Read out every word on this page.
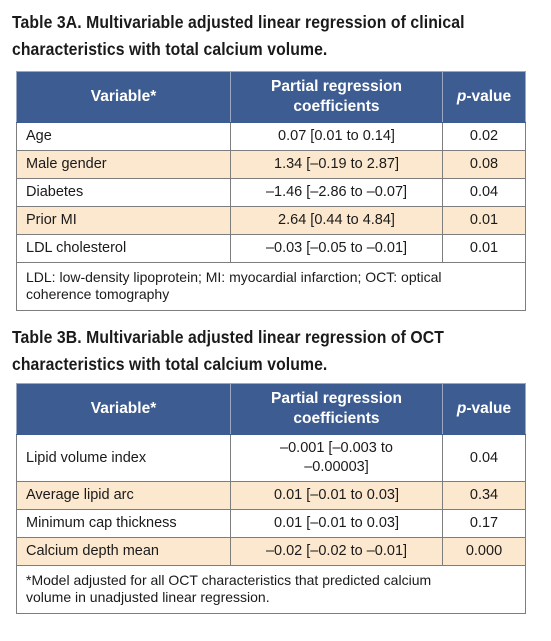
Table 3A. Multivariable adjusted linear regression of clinical
characteristics with total calcium volume.
Variable*	Partial regression
coefficients	p-value
Age	0.07 [0.01 to 0.14]	0.02
Male gender	1.34 [–0.19 to 2.87]	0.08
Diabetes	–1.46 [–2.86 to –0.07]	0.04
Prior MI	2.64 [0.44 to 4.84]	0.01
LDL cholesterol	–0.03 [–0.05 to –0.01]	0.01

LDL: low-density lipoprotein; MI: myocardial infarction; OCT: optical
coherence tomography		
Table 3B. Multivariable adjusted linear regression of OCT
characteristics with total calcium volume.
Variable*	Partial regression
coefficients	p-value
Lipid volume index	–0.001 [–0.003 to
–0.00003]	0.04
Average lipid arc	0.01 [–0.01 to 0.03]	0.34
Minimum cap thickness	0.01 [–0.01 to 0.03]	0.17
Calcium depth mean	–0.02 [–0.02 to –0.01]	0.000

*Model adjusted for all OCT characteristics that predicted calcium
volume in unadjusted linear regression.		
